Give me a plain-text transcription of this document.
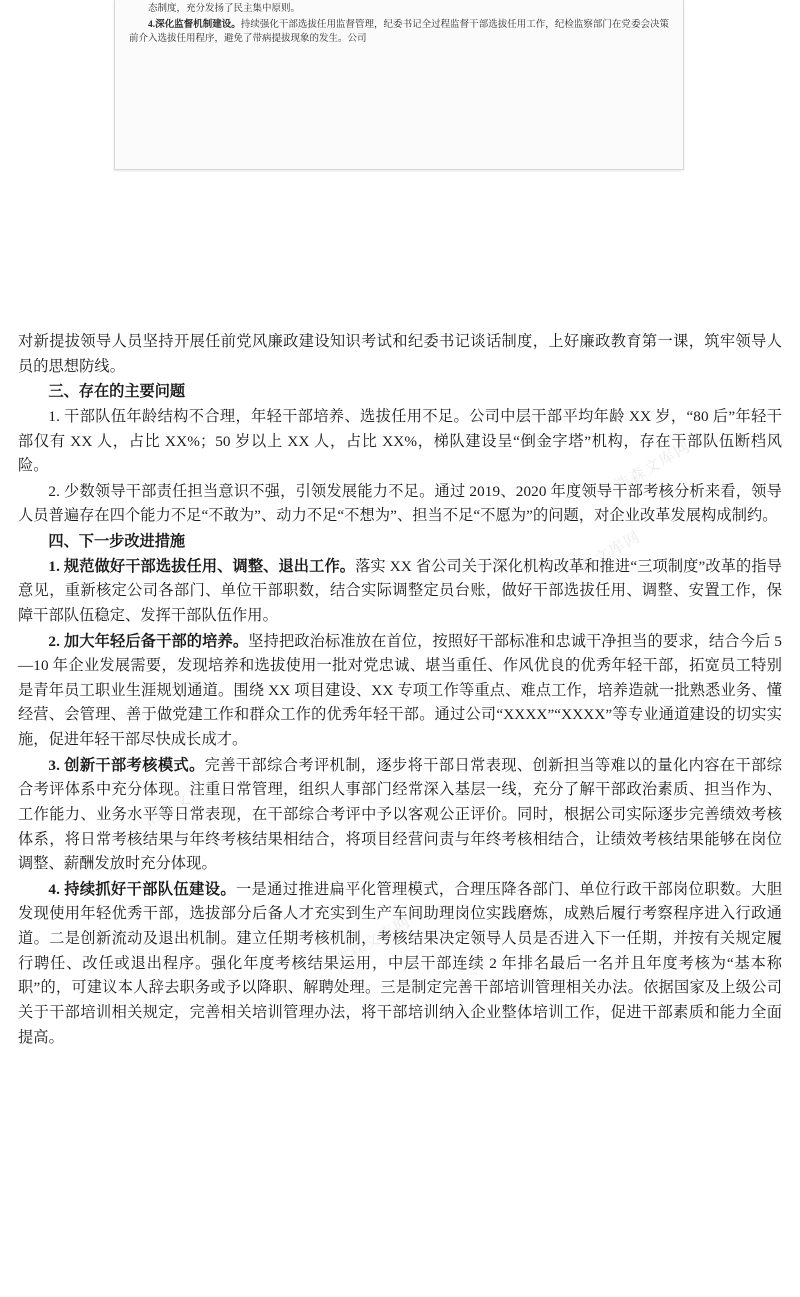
态制度，充分发扬了民主集中原则。
4.深化监督机制建设。持续强化干部选拔任用监督管理，纪委书记全过程监督干部选拔任用工作，纪检监察部门在党委会决策前介入选拔任用程序，避免了带病提拔现象的发生。公司

对新提拔领导人员坚持开展任前党风廉政建设知识考试和纪委书记谈话制度，上好廉政教育第一课，筑牢领导人员的思想防线。

三、存在的主要问题

1. 干部队伍年龄结构不合理，年轻干部培养、选拔任用不足。公司中层干部平均年龄 XX 岁，“80 后”年轻干部仅有 XX 人，占比 XX%；50 岁以上 XX 人，占比 XX%，梯队建设呈“倒金字塔”机构，存在干部队伍断档风险。

2. 少数领导干部责任担当意识不强，引领发展能力不足。通过 2019、2020 年度领导干部考核分析来看，领导人员普遍存在四个能力不足“不敢为”、动力不足“不想为”、担当不足“不愿为”的问题，对企业改革发展构成制约。

四、下一步改进措施

1. 规范做好干部选拔任用、调整、退出工作。落实 XX 省公司关于深化机构改革和推进“三项制度”改革的指导意见，重新核定公司各部门、单位干部职数，结合实际调整定员台账，做好干部选拔任用、调整、安置工作，保障干部队伍稳定、发挥干部队伍作用。

2. 加大年轻后备干部的培养。坚持把政治标准放在首位，按照好干部标准和忠诚干净担当的要求，结合今后 5—10 年企业发展需要，发现培养和选拔使用一批对党忠诚、堪当重任、作风优良的优秀年轻干部，拓宽员工特别是青年员工职业生涯规划通道。围绕 XX 项目建设、XX 专项工作等重点、难点工作，培养造就一批熟悉业务、懂经营、会管理、善于做党建工作和群众工作的优秀年轻干部。通过公司“XXXX”“XXXX”等专业通道建设的切实实施，促进年轻干部尽快成长成才。

3. 创新干部考核模式。完善干部综合考评机制，逐步将干部日常表现、创新担当等难以的量化内容在干部综合考评体系中充分体现。注重日常管理，组织人事部门经常深入基层一线，充分了解干部政治素质、担当作为、工作能力、业务水平等日常表现，在干部综合考评中予以客观公正评价。同时，根据公司实际逐步完善绩效考核体系，将日常考核结果与年终考核结果相结合，将项目经营问责与年终考核相结合，让绩效考核结果能够在岗位调整、薪酬发放时充分体现。

4. 持续抓好干部队伍建设。一是通过推进扁平化管理模式，合理压降各部门、单位行政干部岗位职数。大胆发现使用年轻优秀干部，选拔部分后备人才充实到生产车间助理岗位实践磨炼，成熟后履行考察程序进入行政通道。二是创新流动及退出机制。建立任期考核机制，考核结果决定领导人员是否进入下一任期，并按有关规定履行聘任、改任或退出程序。强化年度考核结果运用，中层干部连续 2 年排名最后一名并且年度考核为“基本称职”的，可建议本人辞去职务或予以降职、解聘处理。三是制定完善干部培训管理相关办法。依据国家及上级公司关于干部培训相关规定，完善相关培训管理办法，将干部培训纳入企业整体培训工作，促进干部素质和能力全面提高。

浩森文库网
浩森文库网
浩森文库网
浩森文库网
